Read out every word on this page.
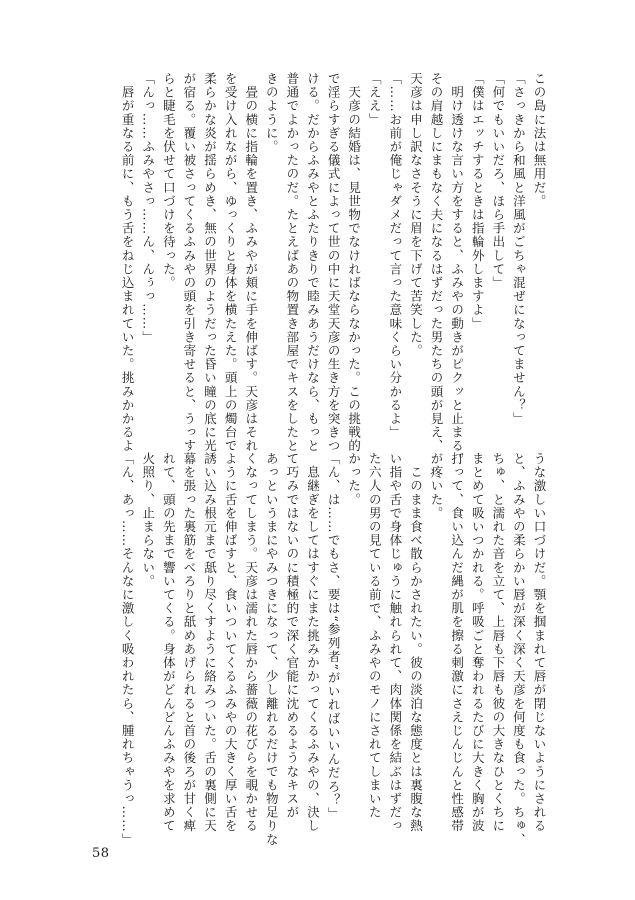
この島に法は無用だ。

「さっきから和風と洋風がごちゃ混ぜになってません？」

「何でもいいだろ、ほら手出して」

「僕はエッチするときは指輪外しますよ」

　明け透けな言い方をすると、ふみやの動きがピクッと止まる。

その肩越しにまもなく夫になるはずだった男たちの頭が見え、

天彦は申し訳なさそうに眉を下げて苦笑した。

「……お前が俺じゃダメだって言った意味くらい分かるよ」

「ええ」

　天彦の結婚は、見世物でなければならなかった。この挑戦的

で淫らすぎる儀式によって世の中に天堂天彦の生き方を突きつ

ける。だからふみやとふたりきりで睦みあうだけなら、もっと

普通でよかったのだ。たとえばあの物置き部屋でキスをしたと

きのように。

　畳の横に指輪を置き、ふみやが頬に手を伸ばす。天彦はそれ

を受け入れながら、ゆっくりと身体を横たえた。頭上の燭台で

柔らかな炎が揺らめき、無の世界のようだった昏い瞳の底に光

が宿る。覆い被さってくるふみやの頭を引き寄せると、うっす

らと睫毛を伏せて口づけを待った。

「んっ……ふみやさっ……ん、んぅっ……」

　唇が重なる前に、もう舌をねじ込まれていた。挑みかかるよ

うな激しい口づけだ。顎を掴まれて唇が閉じないようにされる

と、ふみやの柔らかい唇が深く深く天彦を何度も食った。ちゅ、

ちゅ、と濡れた音を立て、上唇も下唇も彼の大きなひとくちに

まとめて吸いつかれる。呼吸ごと奪われるたびに大きく胸が波

打って、食い込んだ縄が肌を擦る刺激にさえじんじんと性感帯

が疼いた。

　このまま食べ散らかされたい。彼の淡泊な態度とは裏腹な熱

い指や舌で身体じゅうに触れられて、肉体関係を結ぶはずだっ

た六人の男の見ている前で、ふみやのモノにされてしまいた

かった。

「ん、は……でもさ、要は“参列者”がいればいいんだろ？」

　息継ぎをしてはすぐにまた挑みかかってくるふみやの、決し

て巧みではないのに積極的で深く官能に沈めるようなキスが

あっというまにやみつきになって、少し離れるだけでも物足りな

くなってしまう。天彦は濡れた唇から薔薇の花びらを覗かせる

ように舌を伸ばすと、食いついてくるふみやの大きく厚い舌を

誘い込み根元まで舐り尽くすように絡みついた。舌の裏側に天

幕を張った裏筋をべろりと舐めあげられると首の後ろが甘く痺

れて、頭の先まで響いてくる。身体がどんどんふみやを求めて

火照り、止まらない。

「ん、あっ……そんなに激しく吸われたら、腫れちゃうっ……」

58
